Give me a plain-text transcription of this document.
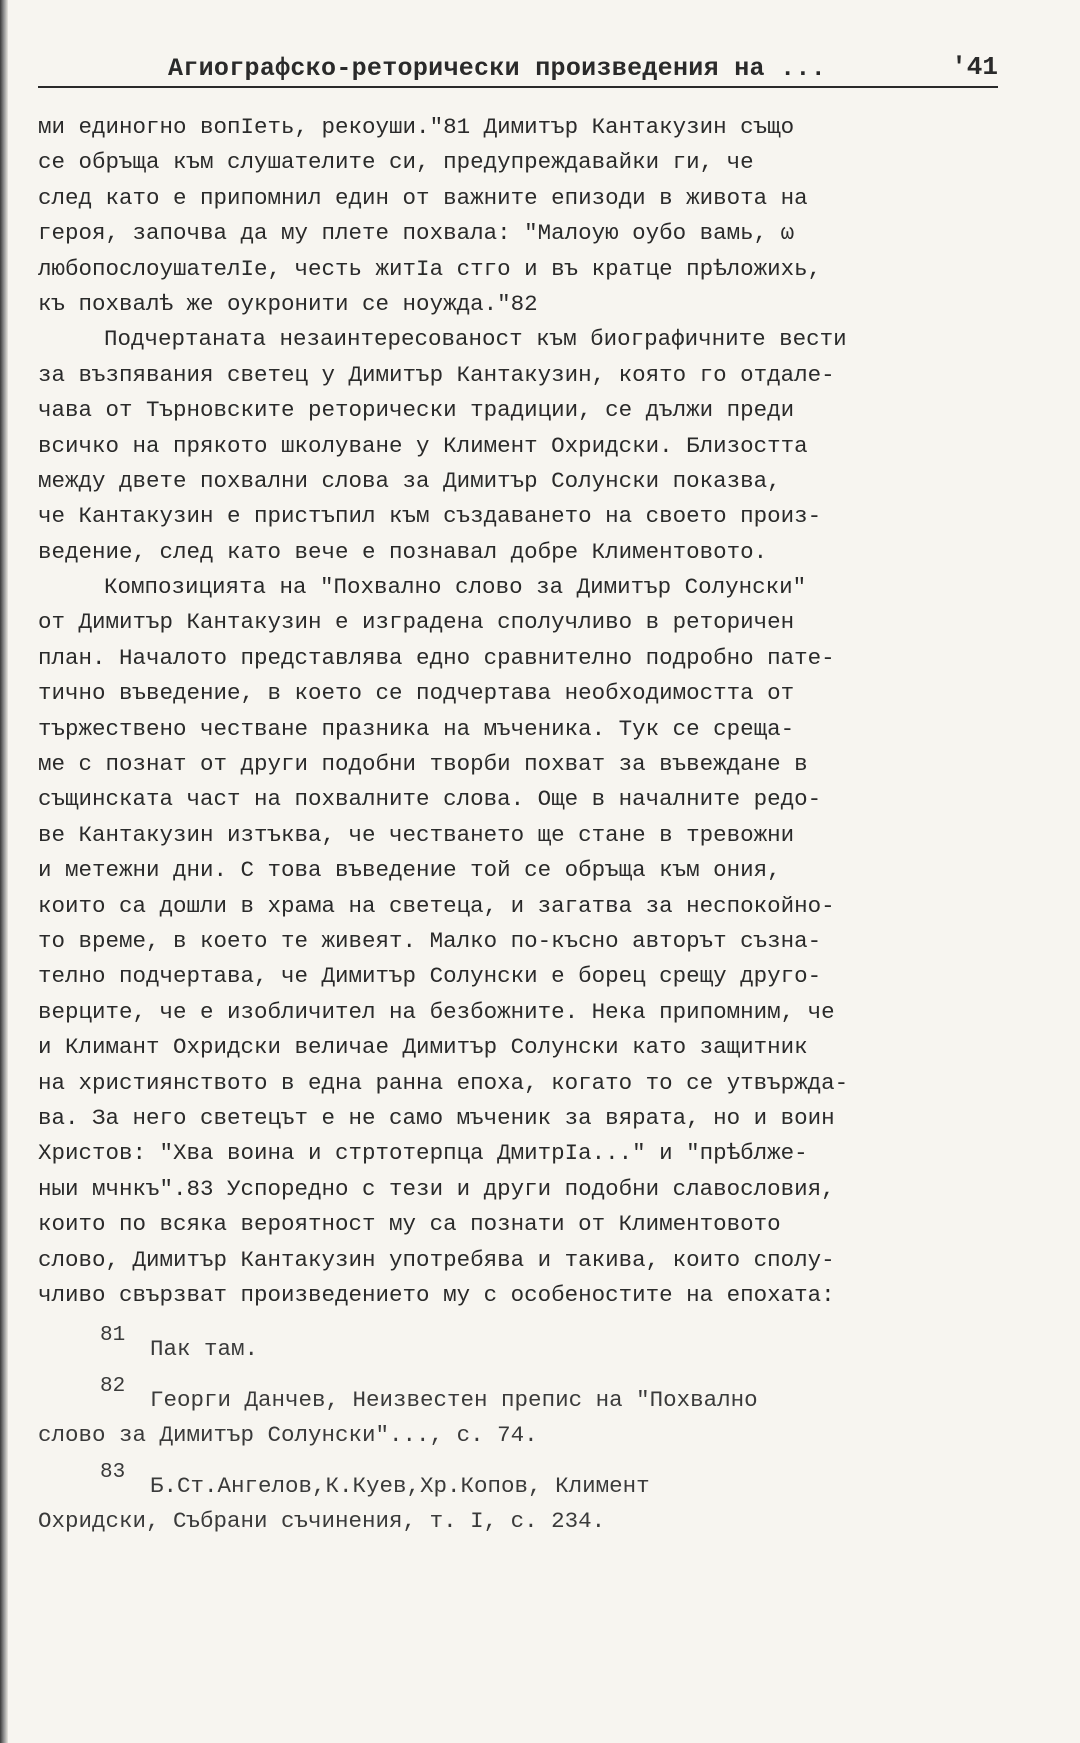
Агиографско-реторически произведения на ...	'41
ми единогно вопIеть, рекоуши."81 Димитър Кантакузин също
се обръща към слушателите си, предупреждавайки ги, че
след като е припомнил един от важните епизоди в живота на
героя, започва да му плете похвала: "Малоую оубо вамь, ω
любопослоушателIе, честь житIа стго и въ кратце прѣложихь,
къ похвалѣ же оукронити се ноужда."82
Подчертаната незаинтересованост към биографичните вести
за възпявания светец у Димитър Кантакузин, която го отдале-
чава от Търновските реторически традиции, се дължи преди
всичко на прякото школуване у Климент Охридски. Близостта
между двете похвални слова за Димитър Солунски показва,
че Кантакузин е пристъпил към създаването на своето произ-
ведение, след като вече е познавал добре Климентовото.
Композицията на "Похвално слово за Димитър Солунски"
от Димитър Кантакузин е изградена сполучливо в реторичен
план. Началото представлява едно сравнително подробно пате-
тично въведение, в което се подчертава необходимостта от
тържествено честване празника на мъченика. Тук се среща-
ме с познат от други подобни творби похват за въвеждане в
същинската част на похвалните слова. Още в началните редо-
ве Кантакузин изтъква, че честването ще стане в тревожни
и метежни дни. С това въведение той се обръща към ония,
които са дошли в храма на светеца, и загатва за неспокойно-
то време, в което те живеят. Малко по-късно авторът съзна-
телно подчертава, че Димитър Солунски е борец срещу друго-
верците, че е изобличител на безбожните. Нека припомним, че
и Климант Охридски величае Димитър Солунски като защитник
на християнството в една ранна епоха, когато то се утвържда-
ва. За него светецът е не само мъченик за вярата, но и воин
Христов: "Хва воина и стртотерпца ДмитрIа..." и "прѣблже-
ныи мчнкъ".83 Успоредно с тези и други подобни славословия,
които по всяка вероятност му са познати от Климентовото
слово, Димитър Кантакузин употребява и такива, които сполу-
чливо свързват произведението му с особеностите на епохата:
81
Пак там.
82
Георги Данчев, Неизвестен препис на "Похвално
слово за Димитър Солунски"..., с. 74.
83
Б.Ст.Ангелов,К.Куев,Хр.Копов, Климент
Охридски, Събрани съчинения, т. I, с. 234.
